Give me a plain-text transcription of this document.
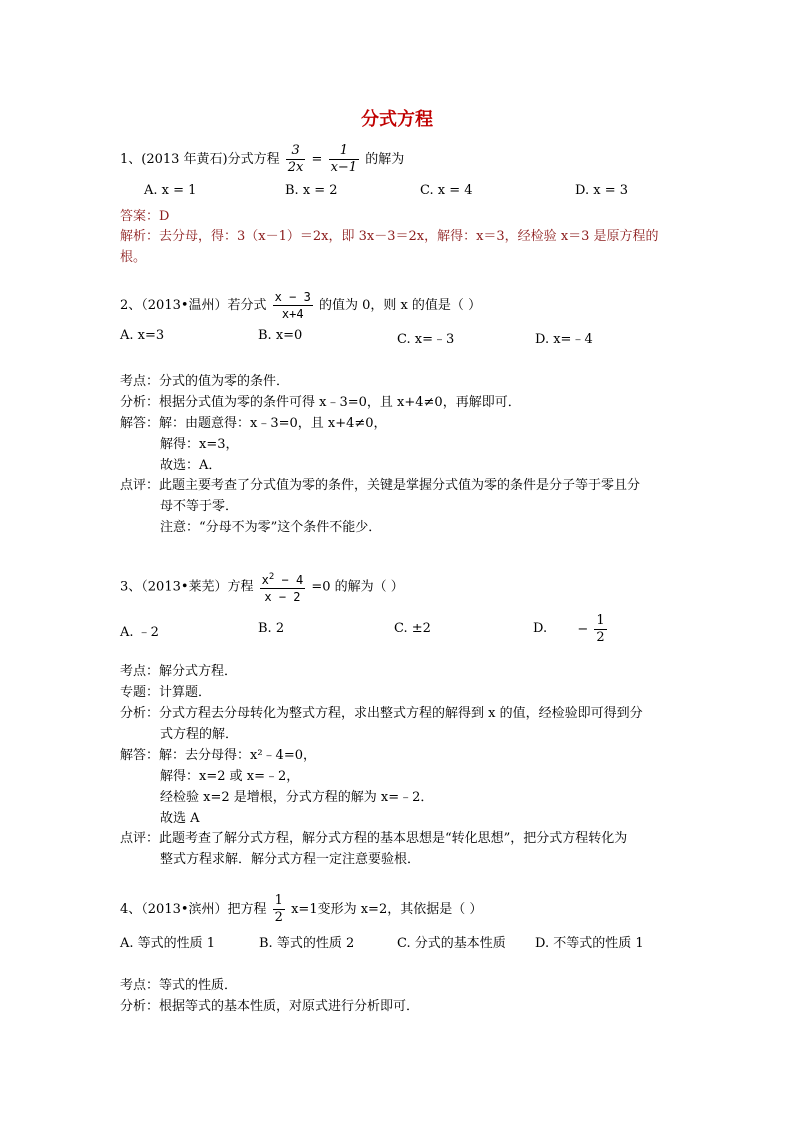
分式方程
1、(2013 年黄石)分式方程 $\frac{3}{2x} = \frac{1}{x-1}$ 的解为
A. x = 1	B. x = 2	C. x = 4	D. x = 3
答案：D
解析：去分母，得：3（x－1）＝2x，即 3x－3＝2x，解得：x＝3，经检验 x＝3 是原方程的
根。
2、（2013•温州）若分式 $\frac{x - 3}{x+4}$ 的值为 0，则 x 的值是（ ）
A. x=3	B. x=0	C. x=﹣3	D. x=﹣4
考点：分式的值为零的条件．
分析：根据分式值为零的条件可得 x﹣3=0，且 x+4≠0，再解即可．
解答：解：由题意得：x﹣3=0，且 x+4≠0，
解得：x=3，
故选：A．
点评：此题主要考查了分式值为零的条件，关键是掌握分式值为零的条件是分子等于零且分
母不等于零．
注意：“分母不为零”这个条件不能少．
3、（2013•莱芜）方程 $\frac{x^2 - 4}{x - 2} =0$ 的解为（ ）
A. ﹣2	B. 2	C. ±2	D. − $\frac{1}{2}$
考点：解分式方程．
专题：计算题．
分析：分式方程去分母转化为整式方程，求出整式方程的解得到 x 的值，经检验即可得到分
式方程的解．
解答：解：去分母得：x²﹣4=0，
解得：x=2 或 x=﹣2，
经检验 x=2 是增根，分式方程的解为 x=﹣2．
故选 A
点评：此题考查了解分式方程，解分式方程的基本思想是“转化思想”，把分式方程转化为
整式方程求解．解分式方程一定注意要验根．
4、（2013•滨州）把方程 $\frac{1}{2} x=1$变形为 x=2，其依据是（ ）
A. 等式的性质 1	B. 等式的性质 2	C. 分式的基本性质 D. 不等式的性质 1
考点：等式的性质．
分析：根据等式的基本性质，对原式进行分析即可．
